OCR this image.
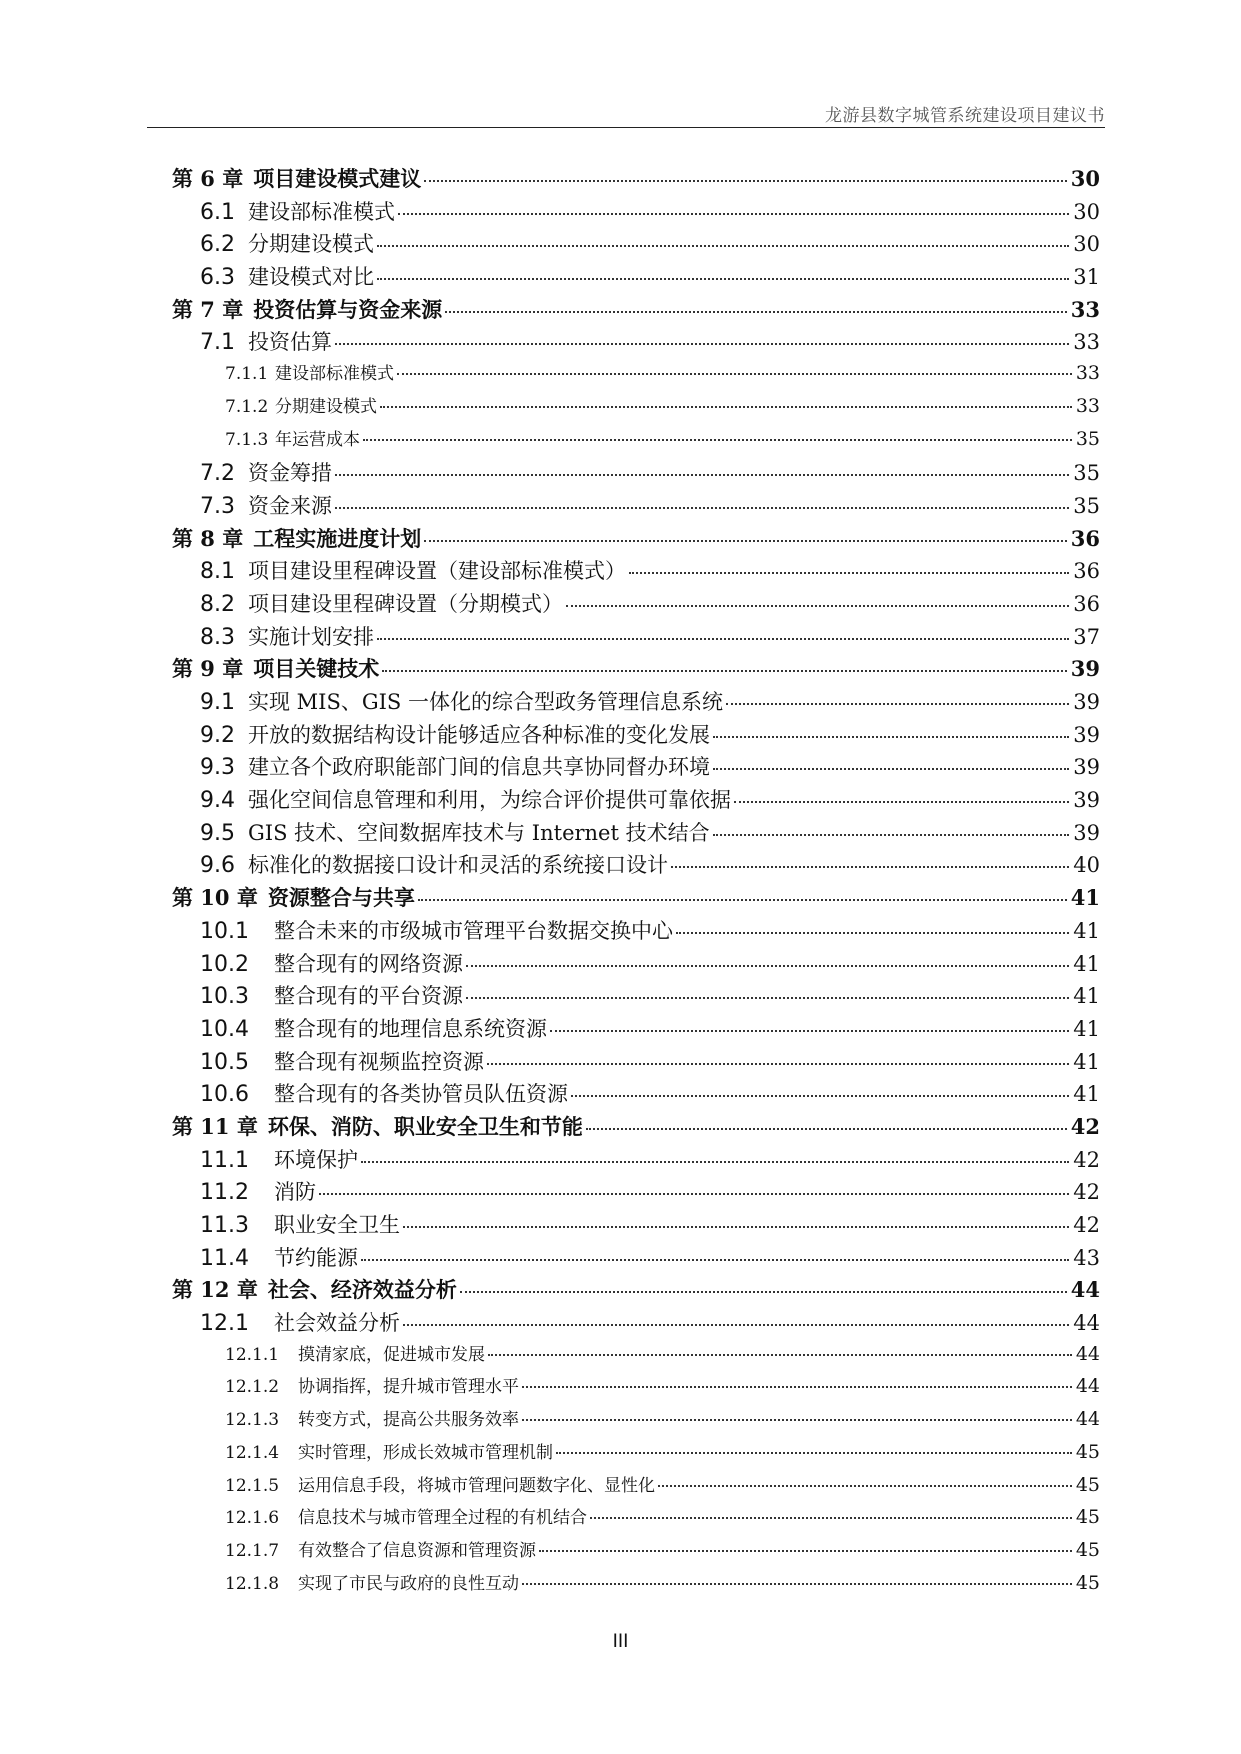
龙游县数字城管系统建设项目建议书
第 6 章 项目建设模式建议	30
6.1 建设部标准模式	30
6.2 分期建设模式	30
6.3 建设模式对比	31
第 7 章 投资估算与资金来源	33
7.1 投资估算	33
7.1.1 建设部标准模式	33
7.1.2 分期建设模式	33
7.1.3 年运营成本	35
7.2 资金筹措	35
7.3 资金来源	35
第 8 章 工程实施进度计划	36
8.1 项目建设里程碑设置（建设部标准模式）	36
8.2 项目建设里程碑设置（分期模式）	36
8.3 实施计划安排	37
第 9 章 项目关键技术	39
9.1 实现 MIS、GIS 一体化的综合型政务管理信息系统	39
9.2 开放的数据结构设计能够适应各种标准的变化发展	39
9.3 建立各个政府职能部门间的信息共享协同督办环境	39
9.4 强化空间信息管理和利用，为综合评价提供可靠依据	39
9.5 GIS 技术、空间数据库技术与 Internet 技术结合	39
9.6 标准化的数据接口设计和灵活的系统接口设计	40
第 10 章 资源整合与共享	41
10.1	整合未来的市级城市管理平台数据交换中心	41
10.2	整合现有的网络资源	41
10.3	整合现有的平台资源	41
10.4	整合现有的地理信息系统资源	41
10.5	整合现有视频监控资源	41
10.6	整合现有的各类协管员队伍资源	41
第 11 章 环保、消防、职业安全卫生和节能	42
11.1	环境保护	42
11.2	消防	42
11.3	职业安全卫生	42
11.4	节约能源	43
第 12 章 社会、经济效益分析	44
12.1	社会效益分析	44
12.1.1	摸清家底，促进城市发展	44
12.1.2	协调指挥，提升城市管理水平	44
12.1.3	转变方式，提高公共服务效率	44
12.1.4	实时管理，形成长效城市管理机制	45
12.1.5	运用信息手段，将城市管理问题数字化、显性化	45
12.1.6	信息技术与城市管理全过程的有机结合	45
12.1.7	有效整合了信息资源和管理资源	45
12.1.8	实现了市民与政府的良性互动	45
III
